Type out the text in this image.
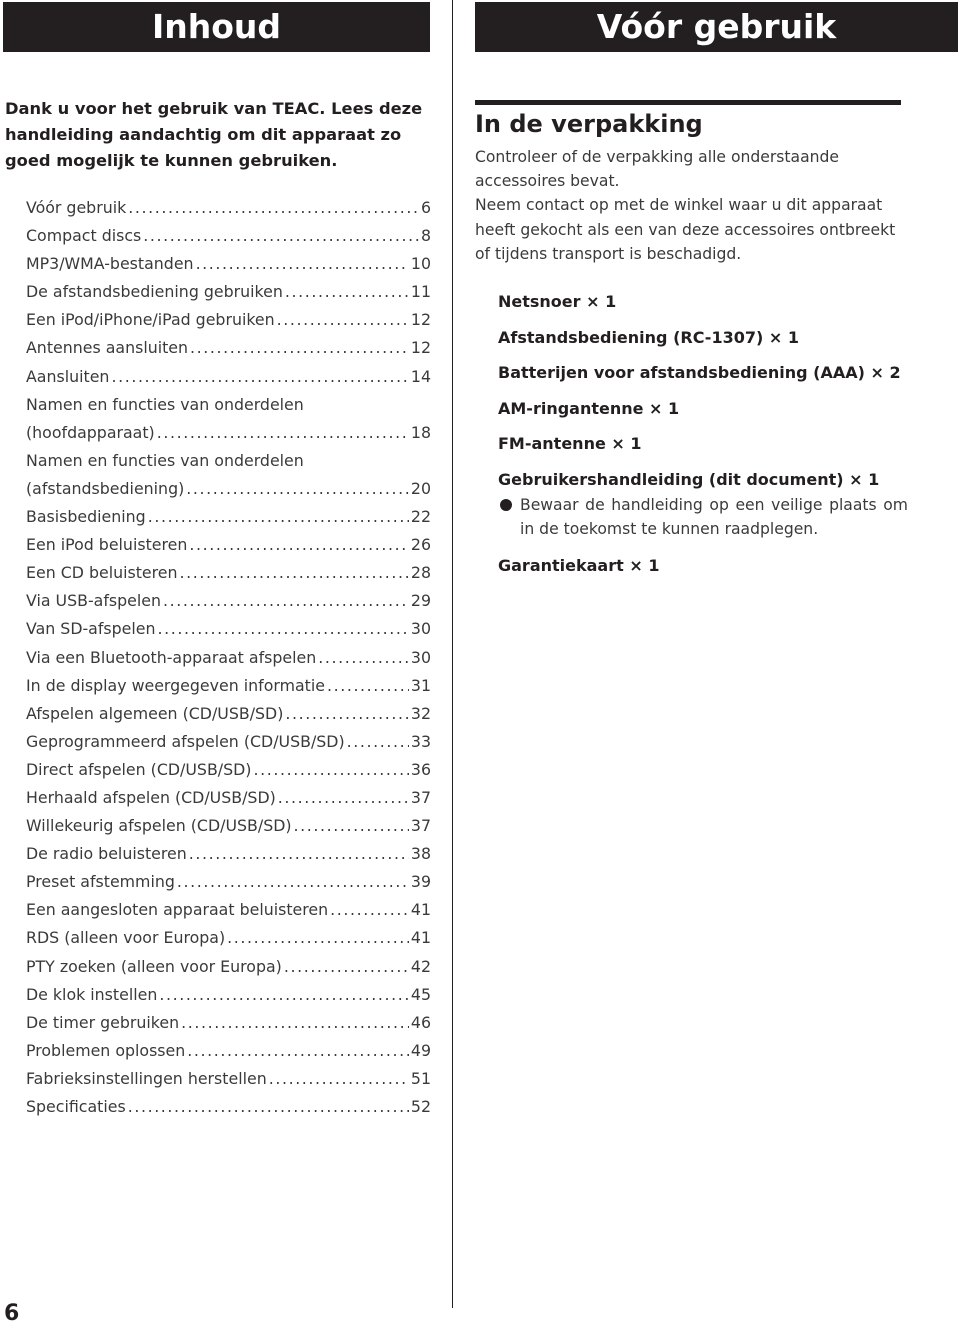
Inhoud	Vóór gebruik
Dank u voor het gebruik van TEAC. Lees deze handleiding aandachtig om dit apparaat zo goed mogelijk te kunnen gebruiken.
Vóór gebruik .....	6
Compact discs .....	8
MP3/WMA-bestanden .....	10
De afstandsbediening gebruiken .....	11
Een iPod/iPhone/iPad gebruiken .....	12
Antennes aansluiten .....	12
Aansluiten .....	14
Namen en functies van onderdelen
(hoofdapparaat) .....	18
Namen en functies van onderdelen
(afstandsbediening) .....	20
Basisbediening .....	22
Een iPod beluisteren .....	26
Een CD beluisteren .....	28
Via USB-afspelen .....	29
Van SD-afspelen .....	30
Via een Bluetooth-apparaat afspelen .....	30
In de display weergegeven informatie .....	31
Afspelen algemeen (CD/USB/SD) .....	32
Geprogrammeerd afspelen (CD/USB/SD) .....	33
Direct afspelen (CD/USB/SD) .....	36
Herhaald afspelen (CD/USB/SD) .....	37
Willekeurig afspelen (CD/USB/SD) .....	37
De radio beluisteren .....	38
Preset afstemming .....	39
Een aangesloten apparaat beluisteren .....	41
RDS (alleen voor Europa) .....	41
PTY zoeken (alleen voor Europa) .....	42
De klok instellen .....	45
De timer gebruiken .....	46
Problemen oplossen .....	49
Fabrieksinstellingen herstellen .....	51
Specificaties .....	52
In de verpakking

Controleer of de verpakking alle onderstaande accessoires bevat.

Neem contact op met de winkel waar u dit apparaat heeft gekocht als een van deze accessoires ontbreekt of tijdens transport is beschadigd.

Netsnoer × 1
Afstandsbediening (RC-1307) × 1
Batterijen voor afstandsbediening (AAA) × 2
AM-ringantenne × 1
FM-antenne × 1
Gebruikershandleiding (dit document) × 1
Bewaar de handleiding op een veilige plaats om in de toekomst te kunnen raadplegen.
Garantiekaart × 1
6
